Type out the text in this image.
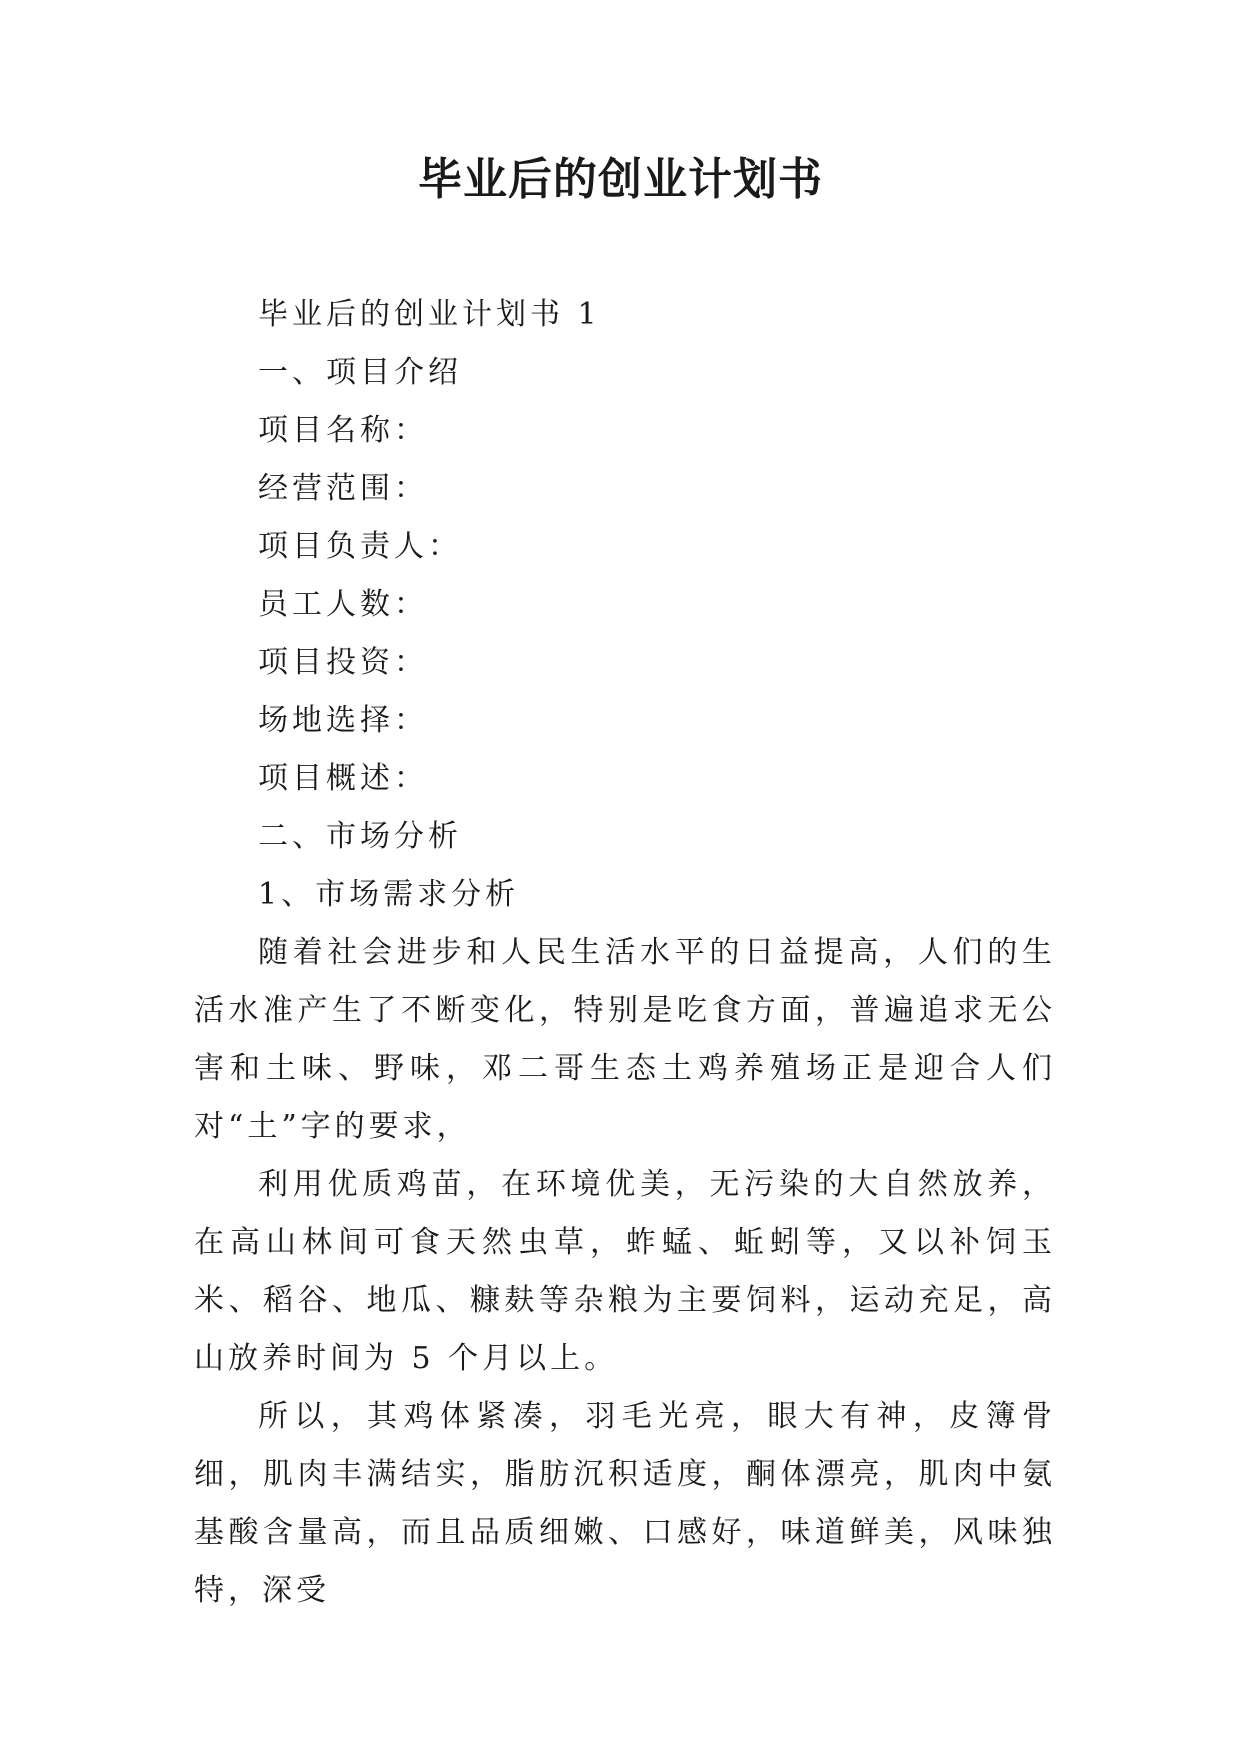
毕业后的创业计划书

毕业后的创业计划书 1

一、项目介绍

项目名称：

经营范围：

项目负责人：

员工人数：

项目投资：

场地选择：

项目概述：

二、市场分析

1、市场需求分析

随着社会进步和人民生活水平的日益提高，人们的生活水准产生了不断变化，特别是吃食方面，普遍追求无公害和土味、野味，邓二哥生态土鸡养殖场正是迎合人们对“土”字的要求，

利用优质鸡苗，在环境优美，无污染的大自然放养，在高山林间可食天然虫草，蚱蜢、蚯蚓等，又以补饲玉米、稻谷、地瓜、糠麸等杂粮为主要饲料，运动充足，高山放养时间为 5 个月以上。

所以，其鸡体紧凑，羽毛光亮，眼大有神，皮簿骨细，肌肉丰满结实，脂肪沉积适度，酮体漂亮，肌肉中氨基酸含量高，而且品质细嫩、口感好，味道鲜美，风味独特，深受
